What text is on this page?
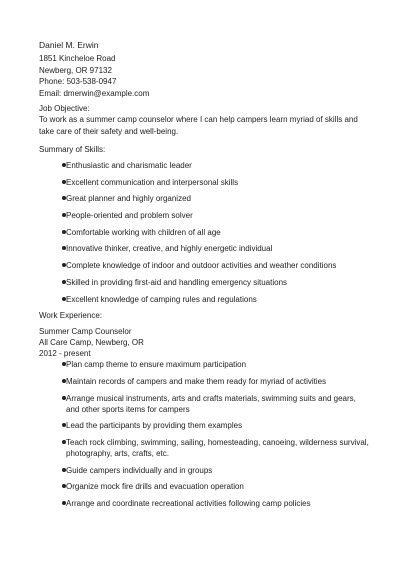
Daniel M. Erwin
1851 Kincheloe Road
Newberg, OR 97132
Phone: 503-538-0947
Email: dmerwin@example.com
Job Objective:
To work as a summer camp counselor where I can help campers learn myriad of skills and take care of their safety and well-being.
Summary of Skills:
Enthusiastic and charismatic leader
Excellent communication and interpersonal skills
Great planner and highly organized
People-oriented and problem solver
Comfortable working with children of all age
Innovative thinker, creative, and highly energetic individual
Complete knowledge of indoor and outdoor activities and weather conditions
Skilled in providing first-aid and handling emergency situations
Excellent knowledge of camping rules and regulations
Work Experience:
Summer Camp Counselor
All Care Camp, Newberg, OR
2012 - present
Plan camp theme to ensure maximum participation
Maintain records of campers and make them ready for myriad of activities
Arrange musical instruments, arts and crafts materials, swimming suits and gears, and other sports items for campers
Lead the participants by providing them examples
Teach rock climbing, swimming, sailing, homesteading, canoeing, wilderness survival, photography, arts, crafts, etc.
Guide campers individually and in groups
Organize mock fire drills and evacuation operation
Arrange and coordinate recreational activities following camp policies
